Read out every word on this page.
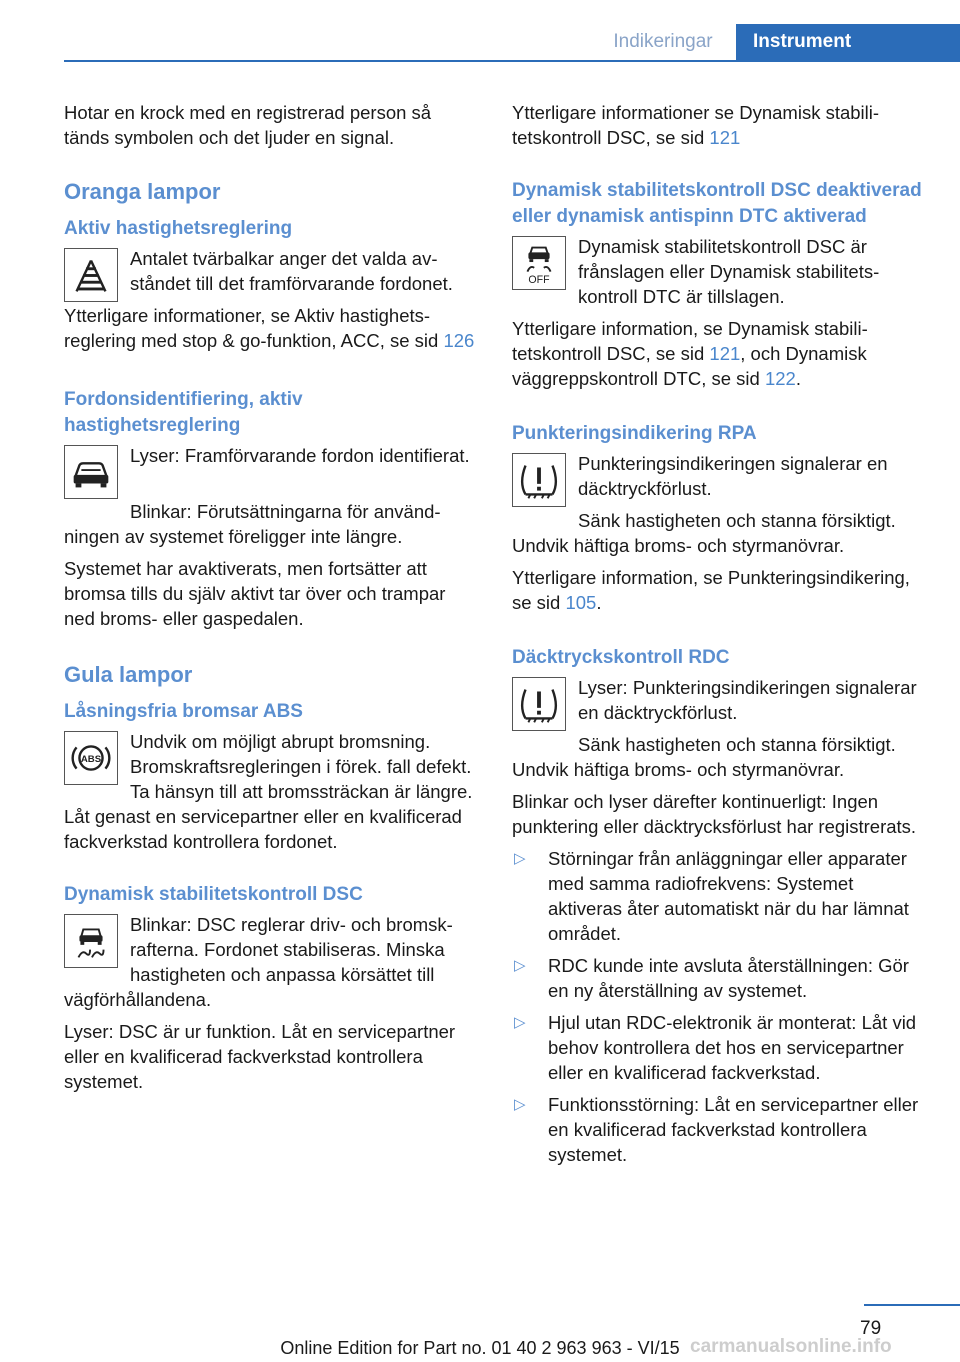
Indikeringar	Instrument

Hotar en krock med en registrerad person så tänds symbolen och det ljuder en signal.

Oranga lampor
Aktiv hastighetsreglering

Antalet tvärbalkar anger det valda avståndet till det framförvarande fordonet.

Ytterligare informationer, se Aktiv hastighetsreglering med stop & go-funktion, ACC, se sid 126

Fordonsidentifiering, aktiv hastighetsreglering

Lyser: Framförvarande fordon identifierat.

Blinkar: Förutsättningarna för användningen av systemet föreligger inte längre.

Systemet har avaktiverats, men fortsätter att bromsa tills du själv aktivt tar över och trampar ned broms- eller gaspedalen.

Gula lampor
Låsningsfria bromsar ABS
ABS

Undvik om möjligt abrupt bromsning. Bromskraftsregleringen i förek. fall defekt. Ta hänsyn till att bromssträckan är längre. Låt genast en servicepartner eller en kvalificerad fackverkstad kontrollera fordonet.

Dynamisk stabilitetskontroll DSC

Blinkar: DSC reglerar driv- och bromskrafterna. Fordonet stabiliseras. Minska hastigheten och anpassa körsättet till vägförhållandena.

Lyser: DSC är ur funktion. Låt en servicepartner eller en kvalificerad fackverkstad kontrollera systemet.

Ytterligare informationer se Dynamisk stabilitetskontroll DSC, se sid 121

Dynamisk stabilitetskontroll DSC deaktiverad eller dynamisk antispinn DTC aktiverad
OFF

Dynamisk stabilitetskontroll DSC är frånslagen eller Dynamisk stabilitetskontroll DTC är tillslagen.

Ytterligare information, se Dynamisk stabilitetskontroll DSC, se sid 121, och Dynamisk väggreppskontroll DTC, se sid 122.

Punkteringsindikering RPA

Punkteringsindikeringen signalerar en däcktryckförlust.

Sänk hastigheten och stanna försiktigt.

Undvik häftiga broms- och styrmanövrar.

Ytterligare information, se Punkteringsindikering, se sid 105.

Däcktryckskontroll RDC

Lyser: Punkteringsindikeringen signalerar en däcktryckförlust.

Sänk hastigheten och stanna försiktigt.

Undvik häftiga broms- och styrmanövrar.

Blinkar och lyser därefter kontinuerligt: Ingen punktering eller däcktrycksförlust har registrerats.

▷	Störningar från anläggningar eller apparater med samma radiofrekvens: Systemet aktiveras åter automatiskt när du har lämnat området.
▷	RDC kunde inte avsluta återställningen: Gör en ny återställning av systemet.
▷	Hjul utan RDC-elektronik är monterat: Låt vid behov kontrollera det hos en servicepartner eller en kvalificerad fackverkstad.
▷	Funktionsstörning: Låt en servicepartner eller en kvalificerad fackverkstad kontrollera systemet.
79
carmanualsonline.info
Online Edition for Part no. 01 40 2 963 963 - VI/15
